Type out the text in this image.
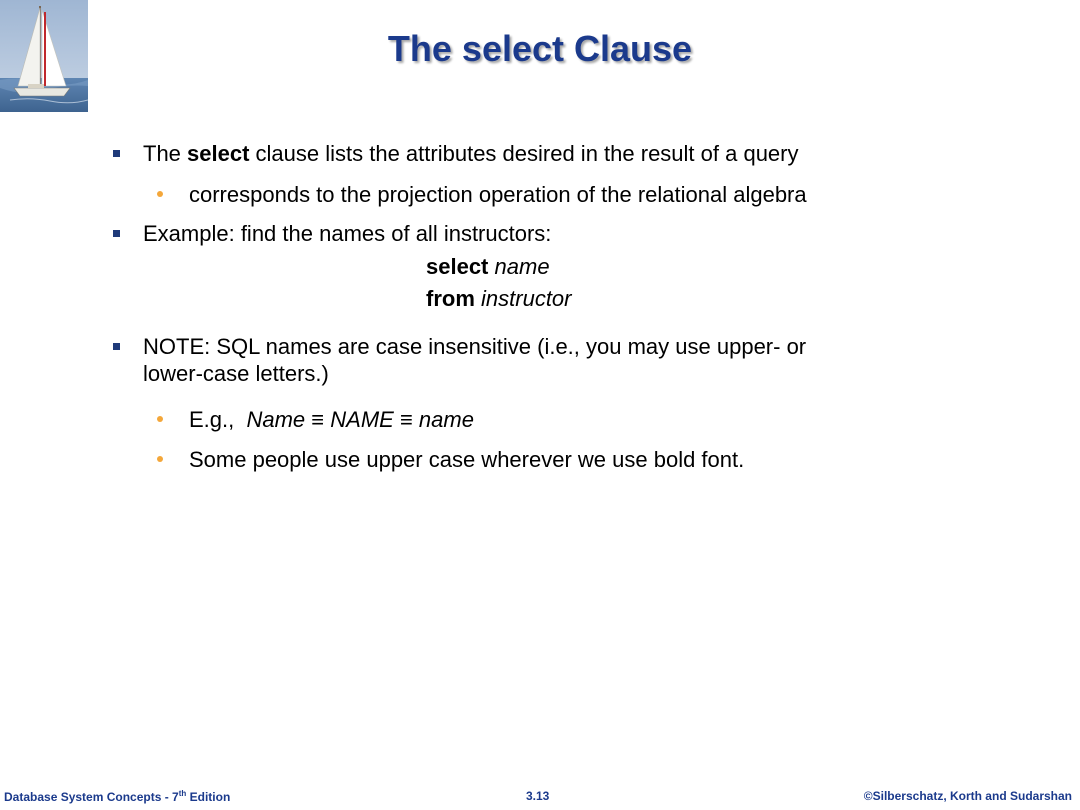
The select Clause
The select clause lists the attributes desired in the result of a query
corresponds to the projection operation of the relational algebra
Example: find the names of all instructors:
select name
from instructor
NOTE: SQL names are case insensitive (i.e., you may use upper- or
lower-case letters.)
E.g., Name ≡ NAME ≡ name
Some people use upper case wherever we use bold font.
Database System Concepts - 7th Edition	3.13	©Silberschatz, Korth and Sudarshan
